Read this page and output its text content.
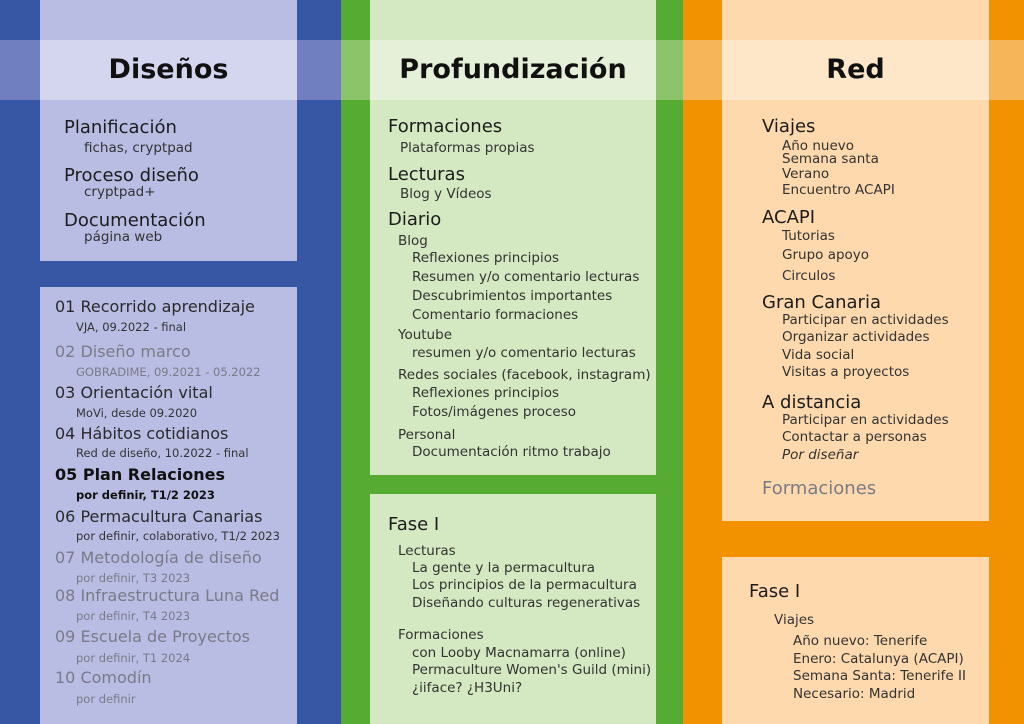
Diseños	Profundización	Red
Planificación
fichas, cryptpad
Proceso diseño
cryptpad+
Documentación
página web
01 Recorrido aprendizaje
VJA, 09.2022 - final
02 Diseño marco
GOBRADIME, 09.2021 - 05.2022
03 Orientación vital
MoVi, desde 09.2020
04 Hábitos cotidianos
Red de diseño, 10.2022 - final
05 Plan Relaciones
por definir, T1/2 2023
06 Permacultura Canarias
por definir, colaborativo, T1/2 2023
07 Metodología de diseño
por definir, T3 2023
08 Infraestructura Luna Red
por definir, T4 2023
09 Escuela de Proyectos
por definir, T1 2024
10 Comodín
por definir
Formaciones
Plataformas propias
Lecturas
Blog y Vídeos
Diario
Blog
Reflexiones principios
Resumen y/o comentario lecturas
Descubrimientos importantes
Comentario formaciones
Youtube
resumen y/o comentario lecturas
Redes sociales (facebook, instagram)
Reflexiones principios
Fotos/imágenes proceso
Personal
Documentación ritmo trabajo
Fase I
Lecturas
La gente y la permacultura
Los principios de la permacultura
Diseñando culturas regenerativas
Formaciones
con Looby Macnamarra (online)
Permaculture Women's Guild (mini)
¿iiface? ¿H3Uni?
Viajes
Año nuevo
Semana santa
Verano
Encuentro ACAPI
ACAPI
Tutorias
Grupo apoyo
Circulos
Gran Canaria
Participar en actividades
Organizar actividades
Vida social
Visitas a proyectos
A distancia
Participar en actividades
Contactar a personas
Por diseñar
Formaciones
Fase I
Viajes
Año nuevo: Tenerife
Enero: Catalunya (ACAPI)
Semana Santa: Tenerife II
Necesario: Madrid
